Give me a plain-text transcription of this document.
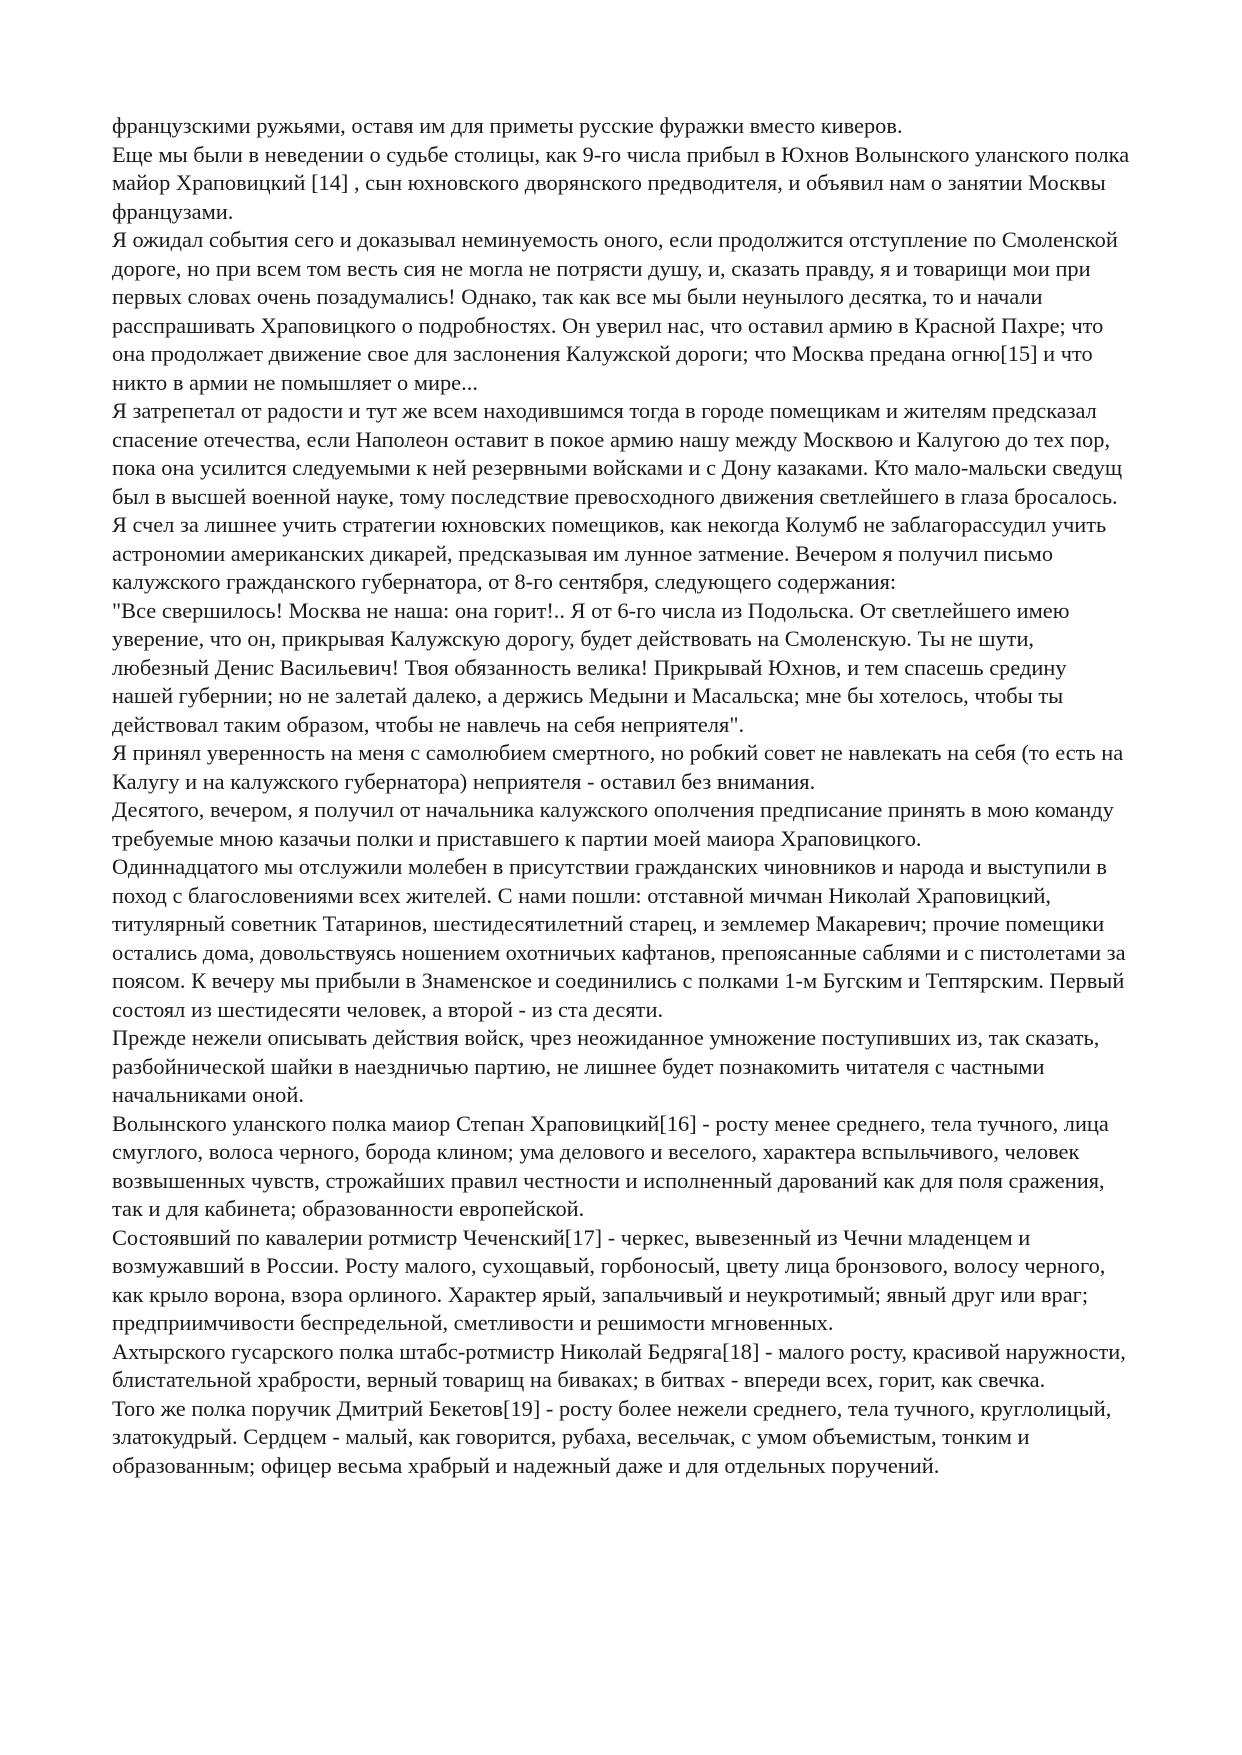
французскими ружьями, оставя им для приметы русские фуражки вместо киверов.

Еще мы были в неведении о судьбе столицы, как 9-го числа прибыл в Юхнов Волынского уланского полка майор Храповицкий [14] , сын юхновского дворянского предводителя, и объявил нам о занятии Москвы французами.

Я ожидал события сего и доказывал неминуемость оного, если продолжится отступление по Смоленской дороге, но при всем том весть сия не могла не потрясти душу, и, сказать правду, я и товарищи мои при первых словах очень позадумались! Однако, так как все мы были неунылого десятка, то и начали расспрашивать Храповицкого о подробностях. Он уверил нас, что оставил армию в Красной Пахре; что она продолжает движение свое для заслонения Калужской дороги; что Москва предана огню[15] и что никто в армии не помышляет о мире...

Я затрепетал от радости и тут же всем находившимся тогда в городе помещикам и жителям предсказал спасение отечества, если Наполеон оставит в покое армию нашу между Москвою и Калугою до тех пор, пока она усилится следуемыми к ней резервными войсками и с Дону казаками. Кто мало-мальски сведущ был в высшей военной науке, тому последствие превосходного движения светлейшего в глаза бросалось. Я счел за лишнее учить стратегии юхновских помещиков, как некогда Колумб не заблагорассудил учить астрономии американских дикарей, предсказывая им лунное затмение. Вечером я получил письмо калужского гражданского губернатора, от 8-го сентября, следующего содержания:

"Все свершилось! Москва не наша: она горит!.. Я от 6-го числа из Подольска. От светлейшего имею уверение, что он, прикрывая Калужскую дорогу, будет действовать на Смоленскую. Ты не шути, любезный Денис Васильевич! Твоя обязанность велика! Прикрывай Юхнов, и тем спасешь средину нашей губернии; но не залетай далеко, а держись Медыни и Масальска; мне бы хотелось, чтобы ты действовал таким образом, чтобы не навлечь на себя неприятеля".

Я принял уверенность на меня с самолюбием смертного, но робкий совет не навлекать на себя (то есть на Калугу и на калужского губернатора) неприятеля - оставил без внимания.

Десятого, вечером, я получил от начальника калужского ополчения предписание принять в мою команду требуемые мною казачьи полки и приставшего к партии моей маиора Храповицкого.

Одиннадцатого мы отслужили молебен в присутствии гражданских чиновников и народа и выступили в поход с благословениями всех жителей. С нами пошли: отставной мичман Николай Храповицкий, титулярный советник Татаринов, шестидесятилетний старец, и землемер Макаревич; прочие помещики остались дома, довольствуясь ношением охотничьих кафтанов, препоясанные саблями и с пистолетами за поясом. К вечеру мы прибыли в Знаменское и соединились с полками 1-м Бугским и Тептярским. Первый состоял из шестидесяти человек, а второй - из ста десяти.

Прежде нежели описывать действия войск, чрез неожиданное умножение поступивших из, так сказать, разбойнической шайки в наездничью партию, не лишнее будет познакомить читателя с частными начальниками оной.

Волынского уланского полка маиор Степан Храповицкий[16] - росту менее среднего, тела тучного, лица смуглого, волоса черного, борода клином; ума делового и веселого, характера вспыльчивого, человек возвышенных чувств, строжайших правил честности и исполненный дарований как для поля сражения, так и для кабинета; образованности европейской.

Состоявший по кавалерии ротмистр Чеченский[17] - черкес, вывезенный из Чечни младенцем и возмужавший в России. Росту малого, сухощавый, горбоносый, цвету лица бронзового, волосу черного, как крыло ворона, взора орлиного. Характер ярый, запальчивый и неукротимый; явный друг или враг; предприимчивости беспредельной, сметливости и решимости мгновенных.

Ахтырского гусарского полка штабс-ротмистр Николай Бедряга[18] - малого росту, красивой наружности, блистательной храбрости, верный товарищ на биваках; в битвах - впереди всех, горит, как свечка.

Того же полка поручик Дмитрий Бекетов[19] - росту более нежели среднего, тела тучного, круглолицый, златокудрый. Сердцем - малый, как говорится, рубаха, весельчак, с умом объемистым, тонким и образованным; офицер весьма храбрый и надежный даже и для отдельных поручений.
